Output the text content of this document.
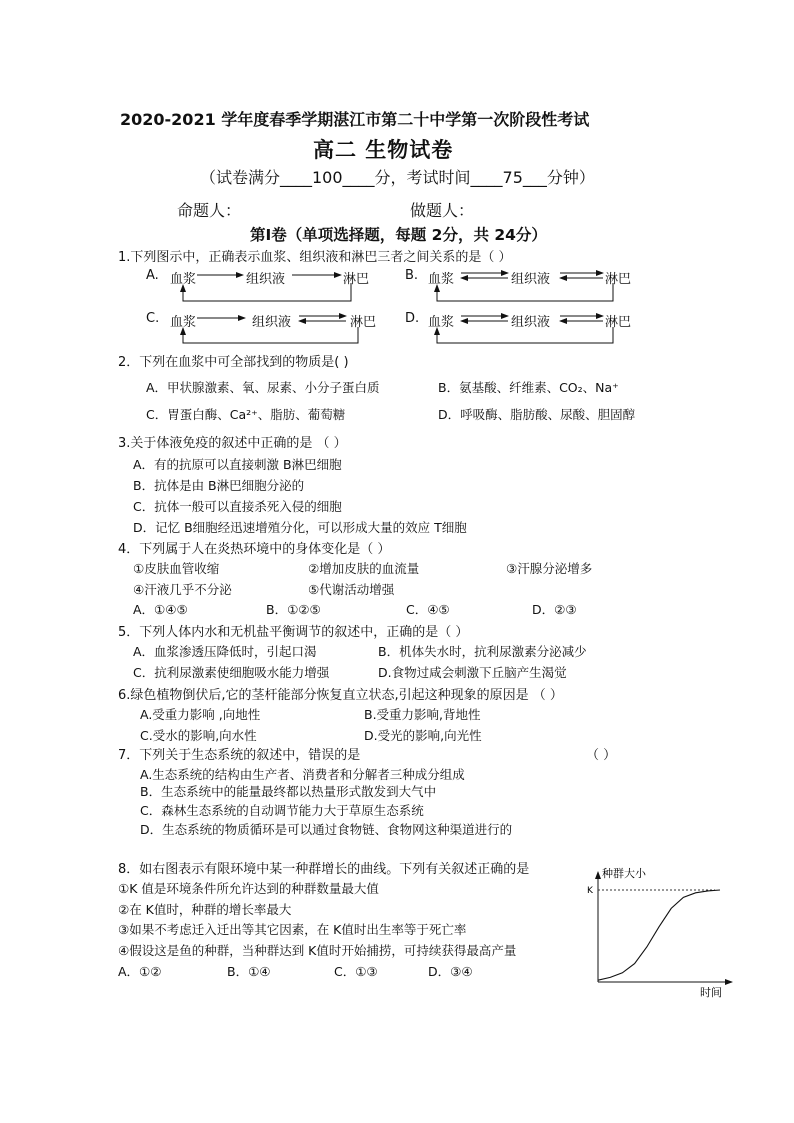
2020-2021 学年度春季学期湛江市第二十中学第一次阶段性考试
高二 生物试卷
（试卷满分____100____分，考试时间____75___分钟）
命题人：	做题人：
第Ⅰ卷（单项选择题，每题 2分，共 24分）
1.下列图示中，正确表示血浆、组织液和淋巴三者之间关系的是（ ）
A. 血浆	组织液	淋巴	B. 血浆	组织液	淋巴
C. 血浆	组织液	淋巴 D. 血浆	组织液	淋巴
2．下列在血浆中可全部找到的物质是( )
A．甲状腺激素、氧、尿素、小分子蛋白质	B．氨基酸、纤维素、CO₂、Na⁺
C．胃蛋白酶、Ca²⁺、脂肪、葡萄糖	D．呼吸酶、脂肪酸、尿酸、胆固醇
3.关于体液免疫的叙述中正确的是 （ ）
A．有的抗原可以直接刺激 B淋巴细胞
B．抗体是由 B淋巴细胞分泌的
C．抗体一般可以直接杀死入侵的细胞
D．记忆 B细胞经迅速增殖分化，可以形成大量的效应 T细胞
4．下列属于人在炎热环境中的身体变化是（ ）
①皮肤血管收缩	②增加皮肤的血流量	③汗腺分泌增多
④汗液几乎不分泌	⑤代谢活动增强
A．①④⑤	B．①②⑤	C．④⑤	D．②③
5．下列人体内水和无机盐平衡调节的叙述中，正确的是（ ）
A．血浆渗透压降低时，引起口渴	B．机体失水时，抗利尿激素分泌减少
C．抗利尿激素使细胞吸水能力增强	D.食物过咸会刺激下丘脑产生渴觉
6.绿色植物倒伏后,它的茎杆能部分恢复直立状态,引起这种现象的原因是 （ ）
A.受重力影响 ,向地性	B.受重力影响,背地性
C.受水的影响,向水性	D.受光的影响,向光性
7．下列关于生态系统的叙述中，错误的是	（ ）
A.生态系统的结构由生产者、消费者和分解者三种成分组成
B．生态系统中的能量最终都以热量形式散发到大气中
C．森林生态系统的自动调节能力大于草原生态系统
D．生态系统的物质循环是可以通过食物链、食物网这种渠道进行的
8．如右图表示有限环境中某一种群增长的曲线。下列有关叙述正确的是
①K 值是环境条件所允许达到的种群数量最大值
②在 K值时，种群的增长率最大
③如果不考虑迁入迁出等其它因素，在 K值时出生率等于死亡率
④假设这是鱼的种群，当种群达到 K值时开始捕捞，可持续获得最高产量
A．①②	B．①④	C．①③	D．③④
种群大小
时间
K
